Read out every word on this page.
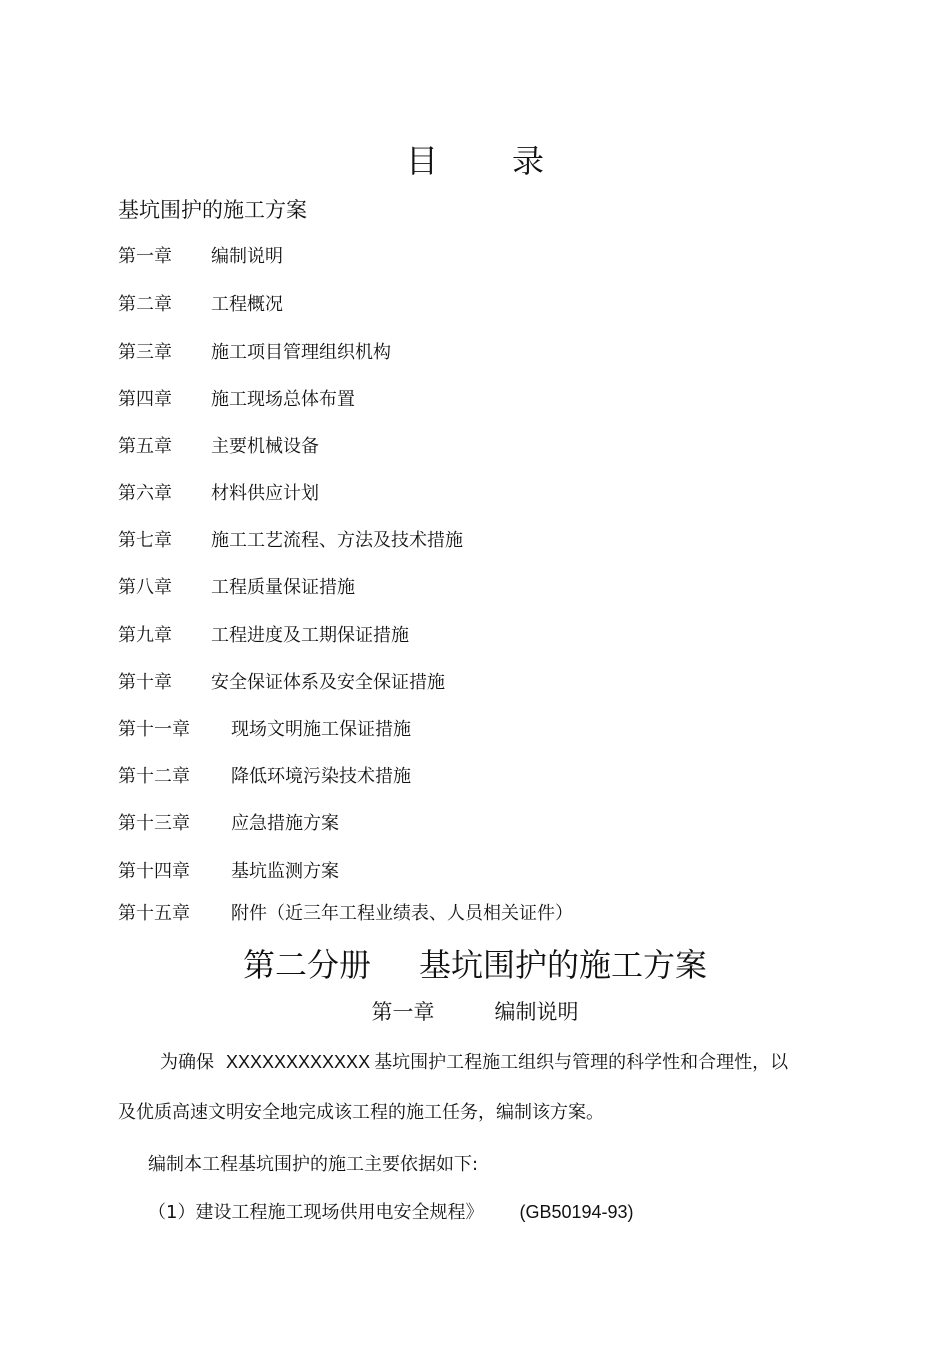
目 录
基坑围护的施工方案
第一章 编制说明
第二章 工程概况
第三章 施工项目管理组织机构
第四章 施工现场总体布置
第五章 主要机械设备
第六章 材料供应计划
第七章 施工工艺流程、方法及技术措施
第八章 工程质量保证措施
第九章 工程进度及工期保证措施
第十章 安全保证体系及安全保证措施
第十一章 现场文明施工保证措施
第十二章 降低环境污染技术措施
第十三章 应急措施方案
第十四章 基坑监测方案
第十五章 附件（近三年工程业绩表、人员相关证件）
第二分册 基坑围护的施工方案
第一章	编制说明
为确保 XXXXXXXXXXXX 基坑围护工程施工组织与管理的科学性和合理性，以
及优质高速文明安全地完成该工程的施工任务，编制该方案。
编制本工程基坑围护的施工主要依据如下:
（1）建设工程施工现场供用电安全规程》 (GB50194-93)
